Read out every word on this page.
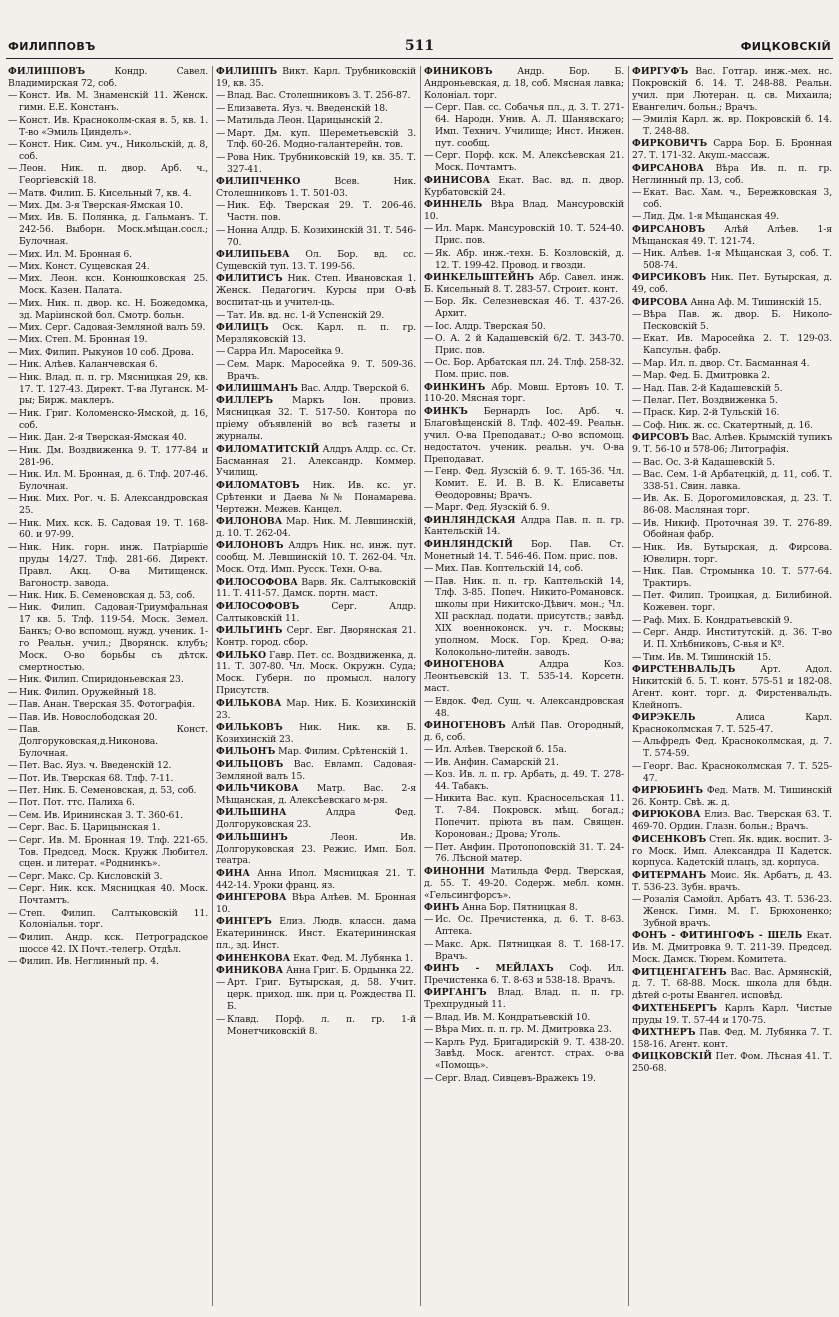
ФИЛИППОВЪ	511	ФИЦКОВСКІЙ
ФИЛИППОВЪ	Кондр. Савел. Владимирская 72, соб.
— Конст. Ив. М. Знаменскій 11. Женск. гимн. Е.Е. Констанъ.
— Конст. Ив. Красноколм-ская в. 5, кв. 1. Т-во «Эмиль Цинделъ».
— Конст. Ник. Сим. уч., Никольскій, д. 8, соб.
— Леон. Ник. п. двор. Арб. ч., Георгіевскій 18.
— Матв. Филип. Б. Кисельный 7, кв. 4.
— Мих. Дм. 3-я Тверская-Ямская 10.
— Мих. Ив. Б. Полянка, д. Гальманъ. Т. 242-56. Выборн. Моск.мѣщан.сосл.; Булочная.
— Мих. Ил. М. Бронная 6.
— Мих. Конст. Сущевская 24.
— Мих. Леон. ксн. Конюшковская 25. Моск. Казен. Палата.
— Мих. Ник. п. двор. кс. Н. Божедомка, зд. Маріинской бол. Смотр. больн.
— Мих. Серг. Садовая-Земляной валъ 59.
— Мих. Степ. М. Бронная 19.
— Мих. Филип. Рыкунов 10 соб. Дрова.
— Ник. Алѣев. Каланчевская 6.
— Ник. Влад. п. п. гр. Мясницкая 29, кв. 17. Т. 127-43. Директ. Т-ва Луганск. М-ры; Бирж. маклеръ.
— Ник. Григ. Коломенско-Ямской, д. 16, соб.
— Ник. Дан. 2-я Тверская-Ямская 40.
— Ник. Дм. Воздвиженка 9. Т. 177-84 и 281-96.
— Ник. Ил. М. Бронная, д. 6. Тлф. 207-46. Булочная.
— Ник. Мих. Рог. ч. Б. Александровская 25.
— Ник. Мих. кск. Б. Садовая 19. Т. 168-60. и 97-99.
— Ник. Ник. горн. инж. Патріаршіе пруды 14/27. Тлф. 281-66. Директ. Правл. Акц. О-ва Митищенск. Вагоностр. завода.
— Ник. Ник. Б. Семеновская д. 53, соб.
— Ник. Филип. Садовая-Триумфальная 17 кв. 5. Тлф. 119-54. Моск. Земел. Банкъ; О-во вспомощ. нужд. ученик. 1-го Реальн. учил.; Дворянск. клубъ; Моск. О-во борьбы съ дѣтск. смертностью.
— Ник. Филип. Спиридоньевская 23.
— Ник. Филип. Оружейный 18.
— Пав. Анан. Тверская 35. Фотографія.
— Пав. Ив. Новослободская 20.
— Пав. Конст. Долгоруковская,д.Никонова. Булочная.
— Пет. Вас. Яуз. ч. Введенскій 12.
— Пот. Ив. Тверская 68. Тлф. 7-11.
— Пет. Ник. Б. Семеновская, д. 53, соб.
— Пот. Пот. ттс. Палиха 6.
— Сем. Ив. Ирининская 3. Т. 360-61.
— Серг. Вас. Б. Царицынская 1.
— Серг. Ив. М. Бронная 19. Тлф. 221-65. Тов. Председ. Моск. Кружк Любител. сцен. и литерат. «Роднинкъ».
— Серг. Макс. Ср. Кисловскій 3.
— Серг. Ник. кск. Мясницкая 40. Моск. Почтамтъ.
— Степ. Филип. Салтыковскій 11. Колоніальн. торг.
— Филип. Андр. кск. Петроградское шоссе 42. IX Почт.-телегр. Отдѣл.
— Филип. Ив. Неглинный пр. 4.
ФИЛИППЪ Викт. Карл. Трубниковскій 19, кв. 35.
— Влад. Вас. Столешниковъ 3. Т. 256-87.
— Елизавета. Яуз. ч. Введенскій 18.
— Матильда Леон. Царицынскій 2.
— Март. Дм. куп. Шереметьевскій 3. Тлф. 60-26. Модно-галантерейн. тов.
— Рова Ник. Трубниковскій 19, кв. 35. Т. 327-41.
ФИЛИПЧЕНКО	Всев. Ник. Столешниковъ 1. Т. 501-03.
— Ник. Еф. Тверская 29. Т. 206-46. Частн. пов.
— Нонна Алдр. Б. Козихинскій 31. Т. 546-70.
ФИЛИПЬЕВА Ол. Бор. вд. сс. Сущевскій туп. 13. Т. 199-56.
ФИЛИТИСЪ Ник. Степ. Ивановская 1. Женск. Педагогич. Курсы при О-вѣ воспитат-ць и учител-ць.
— Тат. Ив. вд. нс. 1-й Успенскій 29.
ФИЛИЦЪ Оск. Карл. п. п. гр. Мерзляковскій 13.
— Сарра Ил. Маросейка 9.
— Сем. Марк. Маросейка 9. Т. 509-36. Врачъ.
ФИЛИШМАНЪ Вас. Алдр. Тверской 6.
ФИЛЛЕРЪ Маркъ Іон. провиз. Мясницкая 32. Т. 517-50. Контора по пріему объявленій во всѣ газеты и журналы.
ФИЛОМАТИТСКІЙ Алдръ Алдр. сс. Ст. Басманная 21. Александр. Коммер. Училищ.
ФИЛОМАТОВЪ Ник. Ив. кс. уг. Срѣтенки и Даева №№ Понамарева. Чертежн. Межев. Канцел.
ФИЛОНОВА Мар. Ник. М. Левшинскій, д. 10. Т. 262-04.
ФИЛОНОВЪ Алдръ Ник. нс. инж. пут. сообщ. М. Левшинскій 10. Т. 262-04. Чл. Моск. Отд. Имп. Русск. Техн. О-ва.
ФИЛОСОФОВА Варв. Як. Салтыковскій 11. Т. 411-57. Дамск. портн. маст.
ФИЛОСОФОВЪ	Серг. Алдр. Салтыковскій 11.
ФИЛЬГИНЪ Серг. Евг. Дворянская 21. Контр. город. сбор.
ФИЛЬКО Гавр. Пет. сс. Воздвиженка, д. 11. Т. 307-80. Чл. Моск. Окружн. Суда; Моск. Губерн. по промысл. налогу Присутств.
ФИЛЬКОВА Мар. Ник. Б. Козихинскій 23.
ФИЛЬКОВЪ Ник. Ник. кв. Б. Козихинскій 23.
ФИЛЬОНЪ Мар. Филим. Срѣтенскій 1.
ФИЛЬЦОВЪ Вас. Евламп. Садовая-Земляной валъ 15.
ФИЛЬЧИКОВА Матр. Вас. 2-я Мѣщанская, д. Алексѣевскаго м-ря.
ФИЛЬШИНА	Алдра Фед. Долгоруковская 23.
ФИЛЬШИНЪ	Леон. Ив. Долгоруковская 23. Режис. Имп. Бол. театра.
ФИНА Анна Ипол. Мясницкая 21. Т. 442-14. Уроки франц. яз.
ФИНГЕРОВА Вѣра Алѣев. М. Бронная 10.
ФИНГЕРЪ Елиз. Людв. классн. дама Екатерининск. Инст. Екатерининская пл., зд. Инст.
ФИНЕНКОВА Екат. Фед. М. Лубянка 1.
ФИНИКОВА Анна Григ. Б. Ордынка 22.
— Арт. Григ. Бутырская, д. 58. Учит. церк. приход. шк. при ц. Рождества П. Б.
— Клавд. Порф. л. п. гр. 1-й Монетчиковскій 8.
ФИНИКОВЪ	Андр. Бор. Б. Андроньевская, д. 18, соб. Мясная лавка; Колоніал. торг.
— Серг. Пав. сс. Собачья пл., д. 3. Т. 271-64. Народн. Унив. А. Л. Шанявскаго; Имп. Технич. Училище; Инст. Инжен. пут. сообщ.
— Серг. Порф. кск. М. Алексѣевская 21. Моск. Почтамтъ.
ФИНИСОВА Екат. Вас. вд. п. двор. Курбатовскій 24.
ФИННЕЛЬ Вѣра Влад. Мансуровскій 10.
— Ил. Марк. Мансуровскій 10. Т. 524-40. Прис. пов.
— Як. Абр. инж.-техн. Б. Козловскій, д. 12. Т. 199-42. Провод. и гвозди.
ФИНКЕЛЬШТЕЙНЪ Абр. Савел. инж. Б. Кисельный 8. Т. 283-57. Строит. конт.
— Бор. Як. Селезневская 46. Т. 437-26. Архит.
— Іос. Алдр. Тверская 50.
— О. А. 2 й Кадашевскій 6/2. Т. 343-70. Прис. пов.
— Ос. Бор. Арбатская пл. 24. Тлф. 258-32. Пом. прис. пов.
ФИНКИНЪ Абр. Мовш. Ертовъ 10. Т. 110-20. Мясная торг.
ФИНКЪ Бернардъ Іос. Арб. ч. Благовѣщенскій 8. Тлф. 402-49. Реальн. учил. О-ва Преподават.; О-во вспомощ. недостаточ. ученик. реальн. уч. О-ва Преподават.
— Генр. Фед. Яузскій б. 9. Т. 165-36. Чл. Комит. Е. И. В. В. К. Елисаветы Ѳеодоровны; Врачъ.
— Марг. Фед. Яузскій б. 9.
ФИНЛЯНДСКАЯ Алдра Пав. п. п. гр. Кантельскій 14.
ФИНЛЯНДСКІЙ Бор. Пав. Ст. Монетный 14. Т. 546-46. Пом. прис. пов.
— Мих. Пав. Коптельскій 14, соб.
— Пав. Ник. п. п. гр. Каптельскій 14, Тлф. 3-85. Попеч. Никито-Романовск. школы при Никитско-Дѣвич. мон.; Чл. XII расклад. подати. присутств.; завѣд. XIX военноконск. уч. г. Москвы; уполном. Моск. Гор. Кред. О-ва; Колокольно-литейн. заводъ.
ФИНОГЕНОВА	Алдра Коз. Леонтьевскій 13. Т. 535-14. Корсетн. маст.
— Евдок. Фед. Сущ. ч. Александровская 48.
ФИНОГЕНОВЪ Алѣй Пав. Огородный, д. 6, соб.
— Ил. Алѣев. Тверской б. 15а.
— Ив. Анфин. Самарскій 21.
— Коз. Ив. л. п. гр. Арбать, д. 49. Т. 278-44. Табакъ.
— Никита Вас. куп. Красносельская 11. Т. 7-84. Покровск. мѣщ. богад.; Попечит. пріюта въ пам. Священ. Коронован.; Дрова; Уголь.
— Пет. Анфин. Протопоповскій 31. Т. 24-76. Лѣсной матер.
ФИНОННИ Матильда Ферд. Тверская, д. 55. Т. 49-20. Содерж. мебл. комн. «Гельсингфорсъ».
ФИНЪ Анна Бор. Пятницкая 8.
— Ис. Ос. Пречистенка, д. 6. Т. 8-63. Аптека.
— Макс. Арк. Пятницкая 8. Т. 168-17. Врачъ.
ФИНЪ - МЕЙЛАХЪ Соф. Ил. Пречистенка 6. Т. 8-63 и 538-18. Врачъ.
ФИРГАНГЪ Влад. Влад. п. п. гр. Трехпрудный 11.
— Влад. Ив. М. Кондратьевскій 10.
— Вѣра Мих. п. п. гр. М. Дмитровка 23.
— Карлъ Руд. Бригадирскій 9. Т. 438-20. Завѣд. Моск. агентст. страх. о-ва «Помощь».
— Серг. Влад. Сивцевъ-Вражекъ 19.
ФИРГУФЪ Вас. Готгар. инж.-мех. нс. Покровскій б. 14. Т. 248-88. Реальн. учил. при Лютеран. ц. св. Михаила; Евангелич. больн.; Врачъ.
— Эмилія Карл. ж. вр. Покровскій б. 14. Т. 248-88.
ФИРКОВИЧЪ Сарра Бор. Б. Бронная 27. Т. 171-32. Акуш.-массаж.
ФИРСАНОВА Вѣра Ив. п. п. гр. Неглинный пр. 13, соб.
— Екат. Вас. Хам. ч., Бережковская 3, соб.
— Лид. Дм. 1-я Мѣщанская 49.
ФИРСАНОВЪ Алѣй Алѣев. 1-я Мѣщанская 49. Т. 121-74.
— Ник. Алѣев. 1-я Мѣщанская 3, соб. Т. 508-74.
ФИРСИКОВЪ Ник. Пет. Бутырская, д. 49, соб.
ФИРСОВА Анна Аф. М. Тишинскій 15.
— Вѣра Пав. ж. двор. Б. Николо-Песковскій 5.
— Екат. Ив. Маросейка 2. Т. 129-03. Капсульн. фабр.
— Мар. Ил. п. двор. Ст. Басманная 4.
— Мар. Фед. Б. Дмитровка 2.
— Над. Пав. 2-й Кадашевскій 5.
— Пелаг. Пет. Воздвиженка 5.
— Праск. Кир. 2-й Тульскій 16.
— Соф. Ник. ж. сс. Скатертный, д. 16.
ФИРСОВЪ Вас. Алѣев. Крымскій тупикъ 9. Т. 56-10 и 578-06; Литографія.
— Вас. Ос. 3-й Кадашевскій 5.
— Вас. Сем. 1-й Арбатецкій, д. 11, соб. Т. 338-51. Свин. лавка.
— Ив. Ак. Б. Дорогомиловская, д. 23. Т. 86-08. Масляная торг.
— Ив. Никиф. Проточная 39. Т. 276-89. Обойная фабр.
— Ник. Ив. Бутырская, д. Фирсова. Ювелирн. торг.
— Ник. Пав. Стромынка 10. Т. 577-64. Трактиръ.
— Пет. Филип. Троицкая, д. Билибиной. Кожевен. торг.
— Раф. Мих. Б. Кондратьевскій 9.
— Серг. Андр. Институтскій. д. 36. Т-во И. П. Хлѣбниковъ, С-вья и Кº.
— Тим. Ив. М. Тишинскій 15.
ФИРСТЕНВАЛЬДЪ	Арт. Адол. Никитскій б. 5. Т. конт. 575-51 и 182-08. Агент. конт. торг. д. Фирстенвальдъ. Клейнопъ.
ФИРЭКЕЛЬ	Алиса Карл. Красноколмская 7. Т. 525-47.
— Альфредъ Фед. Красноколмская, д. 7. Т. 574-59.
— Георг. Вас. Красноколмская 7. Т. 525-47.
ФИРЮБИНЪ Фед. Матв. М. Тишинскій 26. Контр. Свѣ. ж. д.
ФИРЮКОВА Елиз. Вас. Тверская 63. Т. 469-70. Ордин. Глазн. больн.; Врачъ.
ФИСЕНКОВЪ Степ. Як. вдик. воспит. 3-го Моск. Имп. Александра II Кадетск. корпуса. Кадетскій плацъ, зд. корпуса.
ФИТЕРМАНЪ Моис. Як. Арбатъ, д. 43. Т. 536-23. Зубн. врачъ.
— Розалія Самойл. Арбатъ 43. Т. 536-23. Женск. Гимн. М. Г. Брюхоненко; Зубной врачъ.
ФОНЪ - ФИТИНГОФЪ - ШЕЛЬ Екат. Ив. М. Дмитровка 9. Т. 211-39. Председ. Моск. Дамск. Тюрем. Комитета.
ФИТЦЕНГАГЕНЪ Вас. Вас. Армянскій, д. 7. Т. 68-88. Моск. школа для бѣдн. дѣтей с-роты Евангел. исповѣд.
ФИХТЕНБЕРГЪ Карлъ Карл. Чистые пруды 19. Т. 57-44 и 170-75.
ФИХТНЕРЪ Пав. Фед. М. Лубянка 7. Т. 158-16. Агент. конт.
ФИЦКОВСКІЙ Пет. Фом. Лѣсная 41. Т. 250-68.
